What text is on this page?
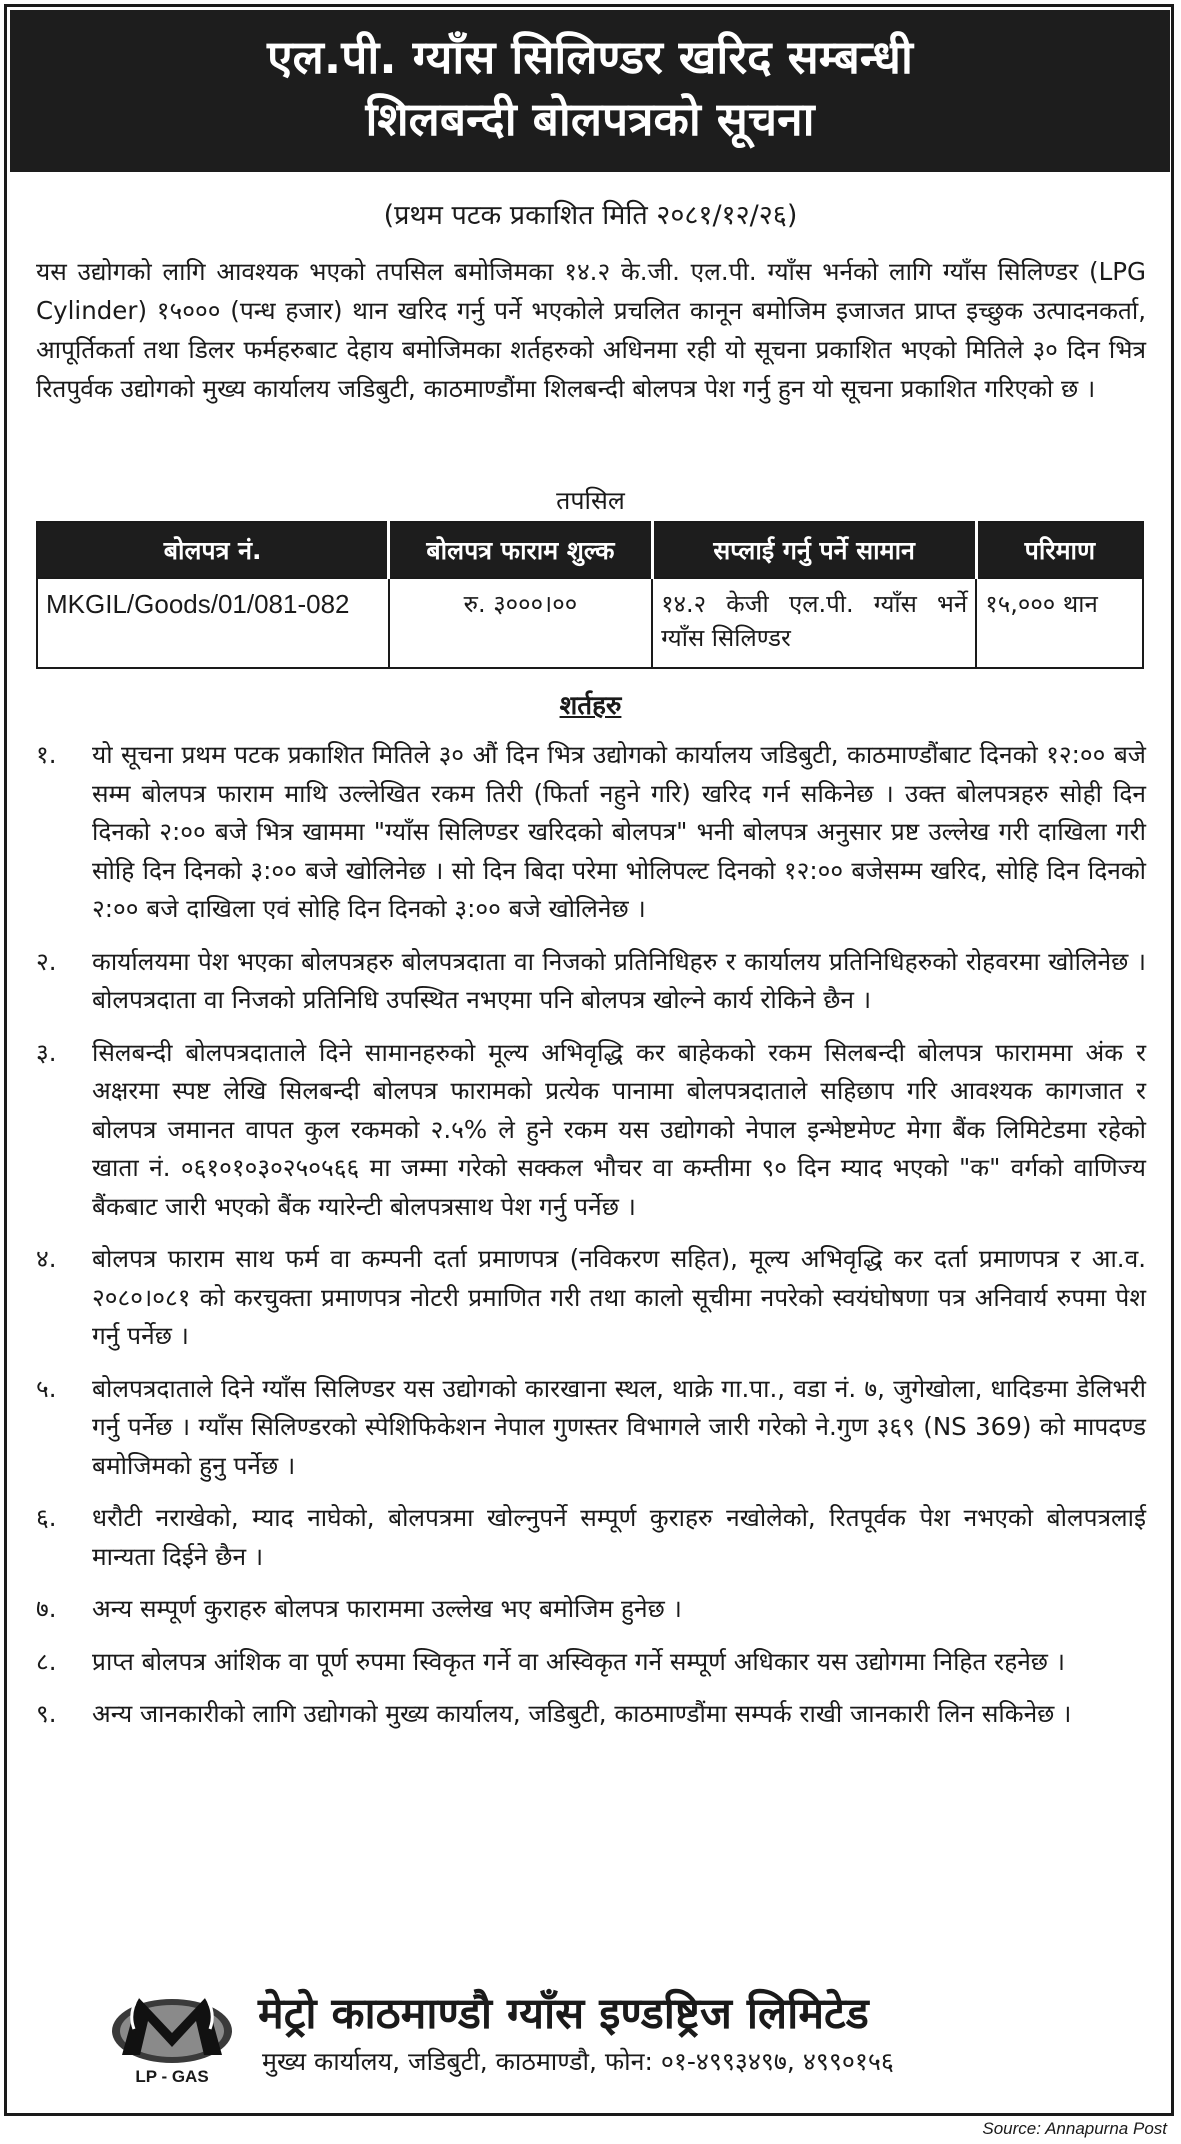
एल.पी. ग्याँस सिलिण्डर खरिद सम्बन्धी
शिलबन्दी बोलपत्रको सूचना
(प्रथम पटक प्रकाशित मिति २०८१/१२/२६)

यस उद्योगको लागि आवश्यक भएको तपसिल बमोजिमका १४.२ के.जी. एल.पी. ग्याँस भर्नको लागि ग्याँस सिलिण्डर (LPG Cylinder) १५००० (पन्ध हजार) थान खरिद गर्नु पर्ने भएकोले प्रचलित कानून बमोजिम इजाजत प्राप्त इच्छुक उत्पादनकर्ता, आपूर्तिकर्ता तथा डिलर फर्महरुबाट देहाय बमोजिमका शर्तहरुको अधिनमा रही यो सूचना प्रकाशित भएको मितिले ३० दिन भित्र रितपुर्वक उद्योगको मुख्य कार्यालय जडिबुटी, काठमाण्डौंमा शिलबन्दी बोलपत्र पेश गर्नु हुन यो सूचना प्रकाशित गरिएको छ ।

तपसिल
बोलपत्र नं.	बोलपत्र फाराम शुल्क	सप्लाई गर्नु पर्ने सामान	परिमाण
MKGIL/Goods/01/081-082	रु. ३०००।००	१४.२ केजी एल.पी. ग्याँस भर्ने ग्याँस सिलिण्डर	१५,००० थान
शर्तहरु
१.	यो सूचना प्रथम पटक प्रकाशित मितिले ३० औं दिन भित्र उद्योगको कार्यालय जडिबुटी, काठमाण्डौंबाट दिनको १२:०० बजे सम्म बोलपत्र फाराम माथि उल्लेखित रकम तिरी (फिर्ता नहुने गरि) खरिद गर्न सकिनेछ । उक्त बोलपत्रहरु सोही दिन दिनको २:०० बजे भित्र खाममा "ग्याँस सिलिण्डर खरिदको बोलपत्र" भनी बोलपत्र अनुसार प्रष्ट उल्लेख गरी दाखिला गरी सोहि दिन दिनको ३:०० बजे खोलिनेछ । सो दिन बिदा परेमा भोलिपल्ट दिनको १२:०० बजेसम्म खरिद, सोहि दिन दिनको २:०० बजे दाखिला एवं सोहि दिन दिनको ३:०० बजे खोलिनेछ ।
२.	कार्यालयमा पेश भएका बोलपत्रहरु बोलपत्रदाता वा निजको प्रतिनिधिहरु र कार्यालय प्रतिनिधिहरुको रोहवरमा खोलिनेछ । बोलपत्रदाता वा निजको प्रतिनिधि उपस्थित नभएमा पनि बोलपत्र खोल्ने कार्य रोकिने छैन ।
३.	सिलबन्दी बोलपत्रदाताले दिने सामानहरुको मूल्य अभिवृद्धि कर बाहेकको रकम सिलबन्दी बोलपत्र फाराममा अंक र अक्षरमा स्पष्ट लेखि सिलबन्दी बोलपत्र फारामको प्रत्येक पानामा बोलपत्रदाताले सहिछाप गरि आवश्यक कागजात र बोलपत्र जमानत वापत कुल रकमको २.५% ले हुने रकम यस उद्योगको नेपाल इन्भेष्टमेण्ट मेगा बैंक लिमिटेडमा रहेको खाता नं. ०६१०१०३०२५०५६६ मा जम्मा गरेको सक्कल भौचर वा कम्तीमा ९० दिन म्याद भएको "क" वर्गको वाणिज्य बैंकबाट जारी भएको बैंक ग्यारेन्टी बोलपत्रसाथ पेश गर्नु पर्नेछ ।
४.	बोलपत्र फाराम साथ फर्म वा कम्पनी दर्ता प्रमाणपत्र (नविकरण सहित), मूल्य अभिवृद्धि कर दर्ता प्रमाणपत्र र आ.व. २०८०।०८१ को करचुक्ता प्रमाणपत्र नोटरी प्रमाणित गरी तथा कालो सूचीमा नपरेको स्वयंघोषणा पत्र अनिवार्य रुपमा पेश गर्नु पर्नेछ ।
५.	बोलपत्रदाताले दिने ग्याँस सिलिण्डर यस उद्योगको कारखाना स्थल, थाक्रे गा.पा., वडा नं. ७, जुगेखोला, धादिङमा डेलिभरी गर्नु पर्नेछ । ग्याँस सिलिण्डरको स्पेशिफिकेशन नेपाल गुणस्तर विभागले जारी गरेको ने.गुण ३६९ (NS 369) को मापदण्ड बमोजिमको हुनु पर्नेछ ।
६.	धरौटी नराखेको, म्याद नाघेको, बोलपत्रमा खोल्नुपर्ने सम्पूर्ण कुराहरु नखोलेको, रितपूर्वक पेश नभएको बोलपत्रलाई मान्यता दिईने छैन ।
७.	अन्य सम्पूर्ण कुराहरु बोलपत्र फाराममा उल्लेख भए बमोजिम हुनेछ ।
८.	प्राप्त बोलपत्र आंशिक वा पूर्ण रुपमा स्विकृत गर्ने वा अस्विकृत गर्ने सम्पूर्ण अधिकार यस उद्योगमा निहित रहनेछ ।
९.	अन्य जानकारीको लागि उद्योगको मुख्य कार्यालय, जडिबुटी, काठमाण्डौंमा सम्पर्क राखी जानकारी लिन सकिनेछ ।
LP - GAS
मेट्रो काठमाण्डौ ग्याँस इण्डष्ट्रिज लिमिटेड
मुख्य कार्यालय, जडिबुटी, काठमाण्डौ, फोन: ०१-४९९३४९७, ४९९०१५६
Source: Annapurna Post
